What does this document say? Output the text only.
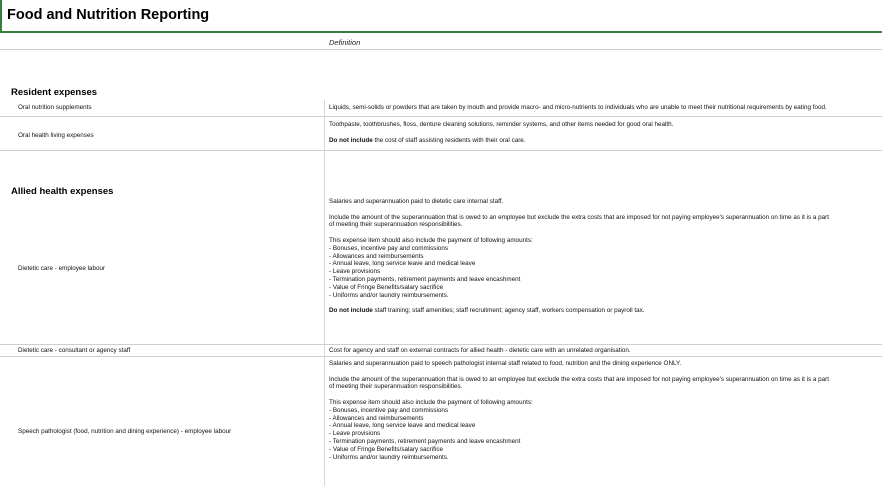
Food and Nutrition Reporting
Definition
Resident expenses
Oral nutrition supplements	Liquids, semi-solids or powders that are taken by mouth and provide macro- and micro-nutrients to individuals who are unable to meet their nutritional requirements by eating food.

Oral health living expenses

Toothpaste, toothbrushes, floss, denture cleaning solutions, reminder systems, and other items needed for good oral health.

Do not include the cost of staff assisting residents with their oral care.

Allied health expenses
Dietetic care - employee labour

Salaries and superannuation paid to dietetic care internal staff.

Include the amount of the superannuation that is owed to an employee but exclude the extra costs that are imposed for not paying employee's superannuation on time as it is a part

of meeting their superannuation responsibilities.

This expense item should also include the payment of following amounts:

- Bonuses, incentive pay and commissions

- Allowances and reimbursements

- Annual leave, long service leave and medical leave

- Leave provisions

- Termination payments, retirement payments and leave encashment

- Value of Fringe Benefits/salary sacrifice

- Uniforms and/or laundry reimbursements.

Do not include staff training; staff amenities; staff recruitment; agency staff, workers compensation or payroll tax.

Dietetic care - consultant or agency staff	Cost for agency and staff on external contracts for allied health - dietetic care with an unrelated organisation.

Speech pathologist (food, nutrition and dining experience) - employee labour

Salaries and superannuation paid to speech pathologist internal staff related to food, nutrition and the dining experience ONLY.

Include the amount of the superannuation that is owed to an employee but exclude the extra costs that are imposed for not paying employee's superannuation on time as it is a part

of meeting their superannuation responsibilities.

This expense item should also include the payment of following amounts:

- Bonuses, incentive pay and commissions

- Allowances and reimbursements

- Annual leave, long service leave and medical leave

- Leave provisions

- Termination payments, retirement payments and leave encashment

- Value of Fringe Benefits/salary sacrifice

- Uniforms and/or laundry reimbursements.
